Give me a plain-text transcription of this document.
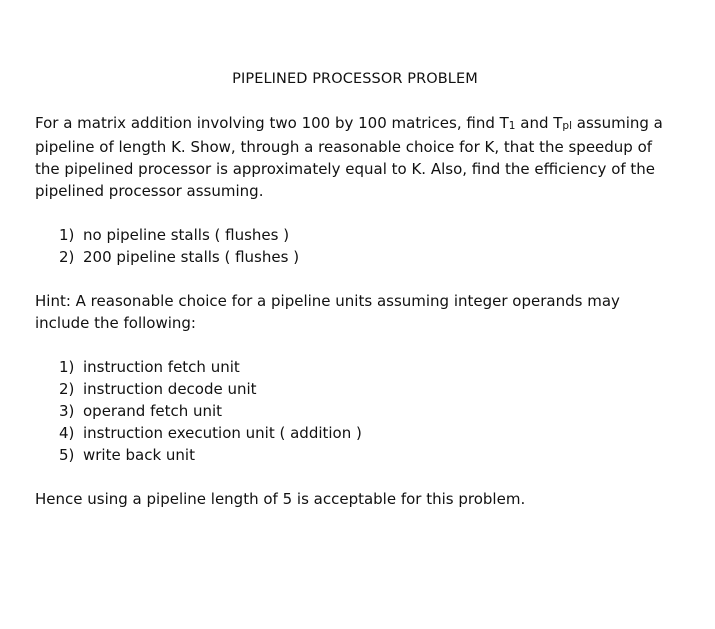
PIPELINED PROCESSOR PROBLEM

For a matrix addition involving two 100 by 100 matrices, find T1 and Tpl assuming a pipeline of length K. Show, through a reasonable choice for K, that the speedup of the pipelined processor is approximately equal to K. Also, find the efficiency of the pipelined processor assuming.

1) no pipeline stalls ( flushes )
2) 200 pipeline stalls ( flushes )

Hint: A reasonable choice for a pipeline units assuming integer operands may include the following:

1) instruction fetch unit
2) instruction decode unit
3) operand fetch unit
4) instruction execution unit ( addition )
5) write back unit

Hence using a pipeline length of 5 is acceptable for this problem.
